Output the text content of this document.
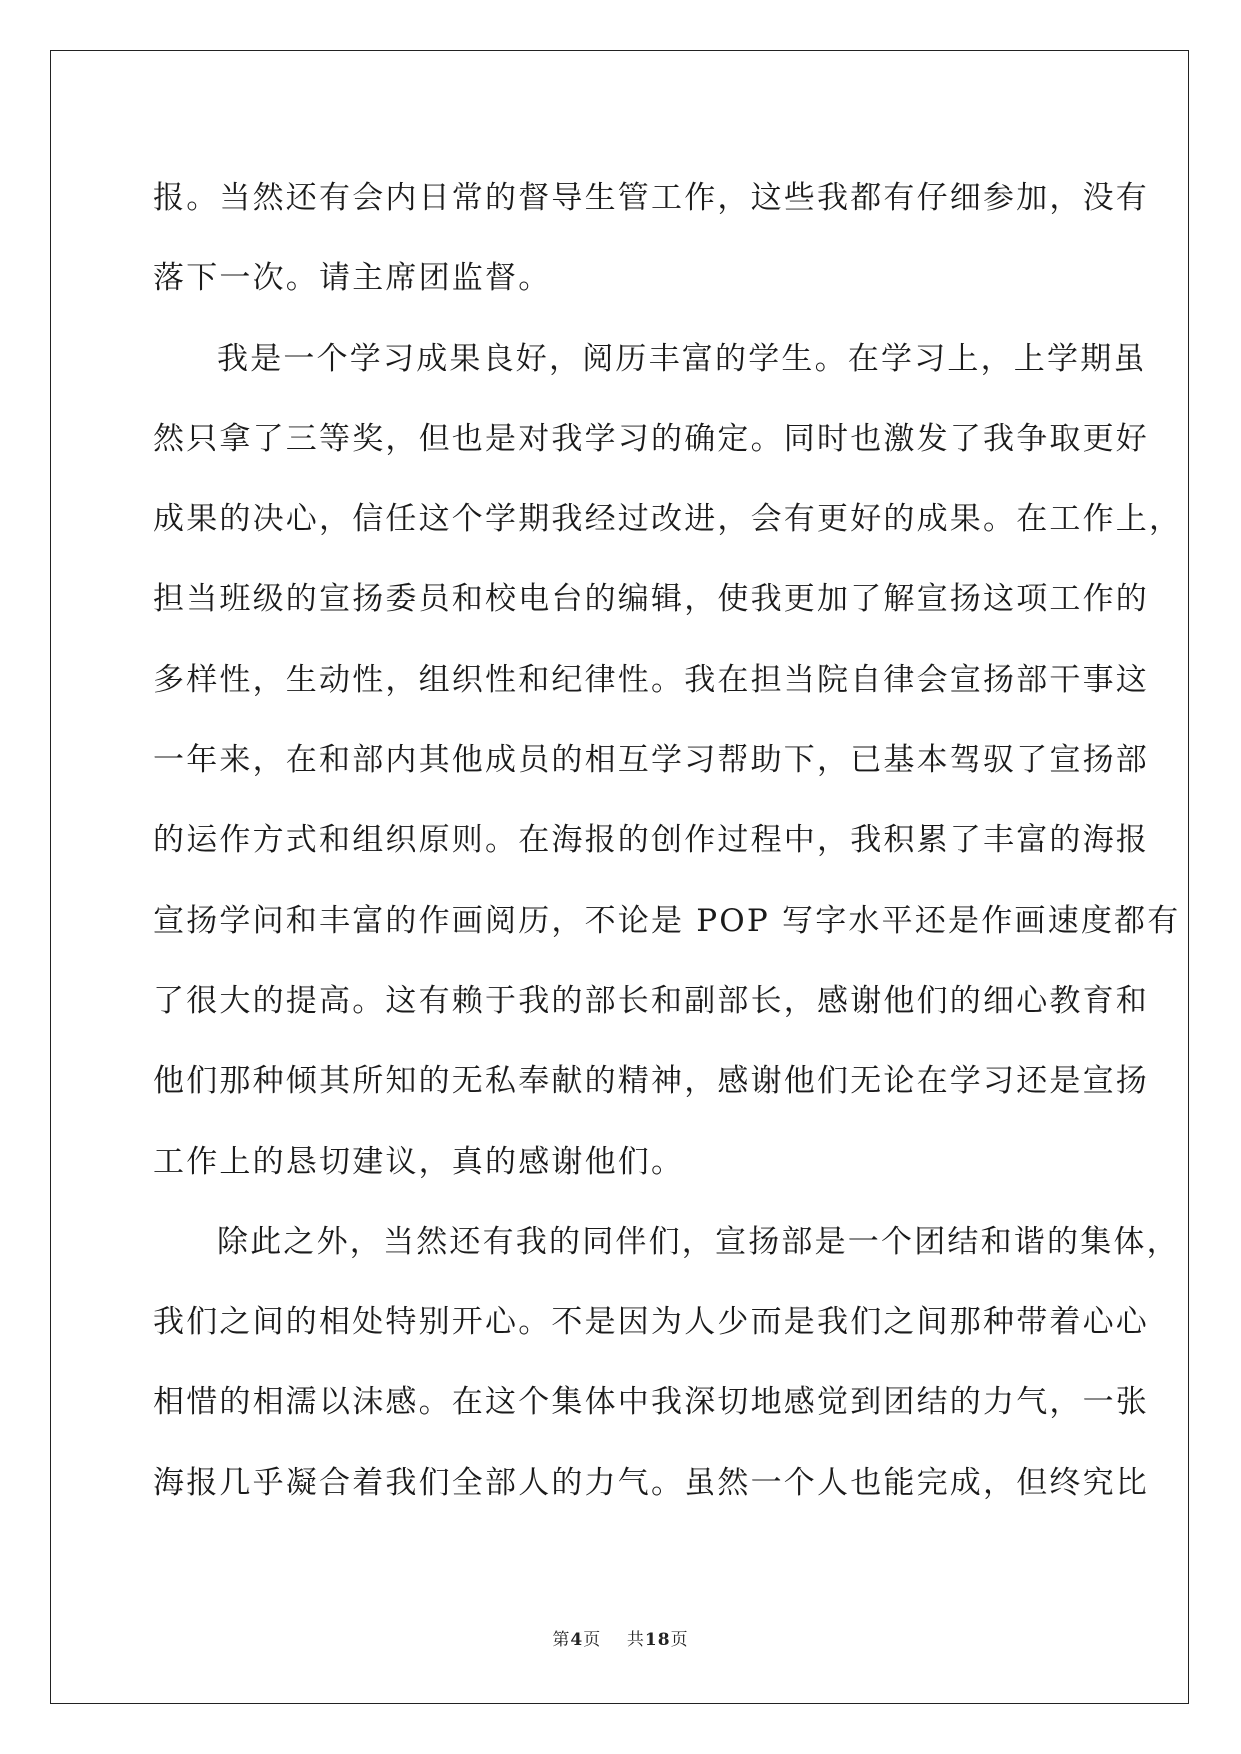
报。当然还有会内日常的督导生管工作，这些我都有仔细参加，没有
落下一次。请主席团监督。
我是一个学习成果良好，阅历丰富的学生。在学习上，上学期虽
然只拿了三等奖，但也是对我学习的确定。同时也激发了我争取更好
成果的决心，信任这个学期我经过改进，会有更好的成果。在工作上，
担当班级的宣扬委员和校电台的编辑，使我更加了解宣扬这项工作的
多样性，生动性，组织性和纪律性。我在担当院自律会宣扬部干事这
一年来，在和部内其他成员的相互学习帮助下，已基本驾驭了宣扬部
的运作方式和组织原则。在海报的创作过程中，我积累了丰富的海报
宣扬学问和丰富的作画阅历，不论是 POP 写字水平还是作画速度都有
了很大的提高。这有赖于我的部长和副部长，感谢他们的细心教育和
他们那种倾其所知的无私奉献的精神，感谢他们无论在学习还是宣扬
工作上的恳切建议，真的感谢他们。
除此之外，当然还有我的同伴们，宣扬部是一个团结和谐的集体，
我们之间的相处特别开心。不是因为人少而是我们之间那种带着心心
相惜的相濡以沫感。在这个集体中我深切地感觉到团结的力气，一张
海报几乎凝合着我们全部人的力气。虽然一个人也能完成，但终究比
第4页 共18页
